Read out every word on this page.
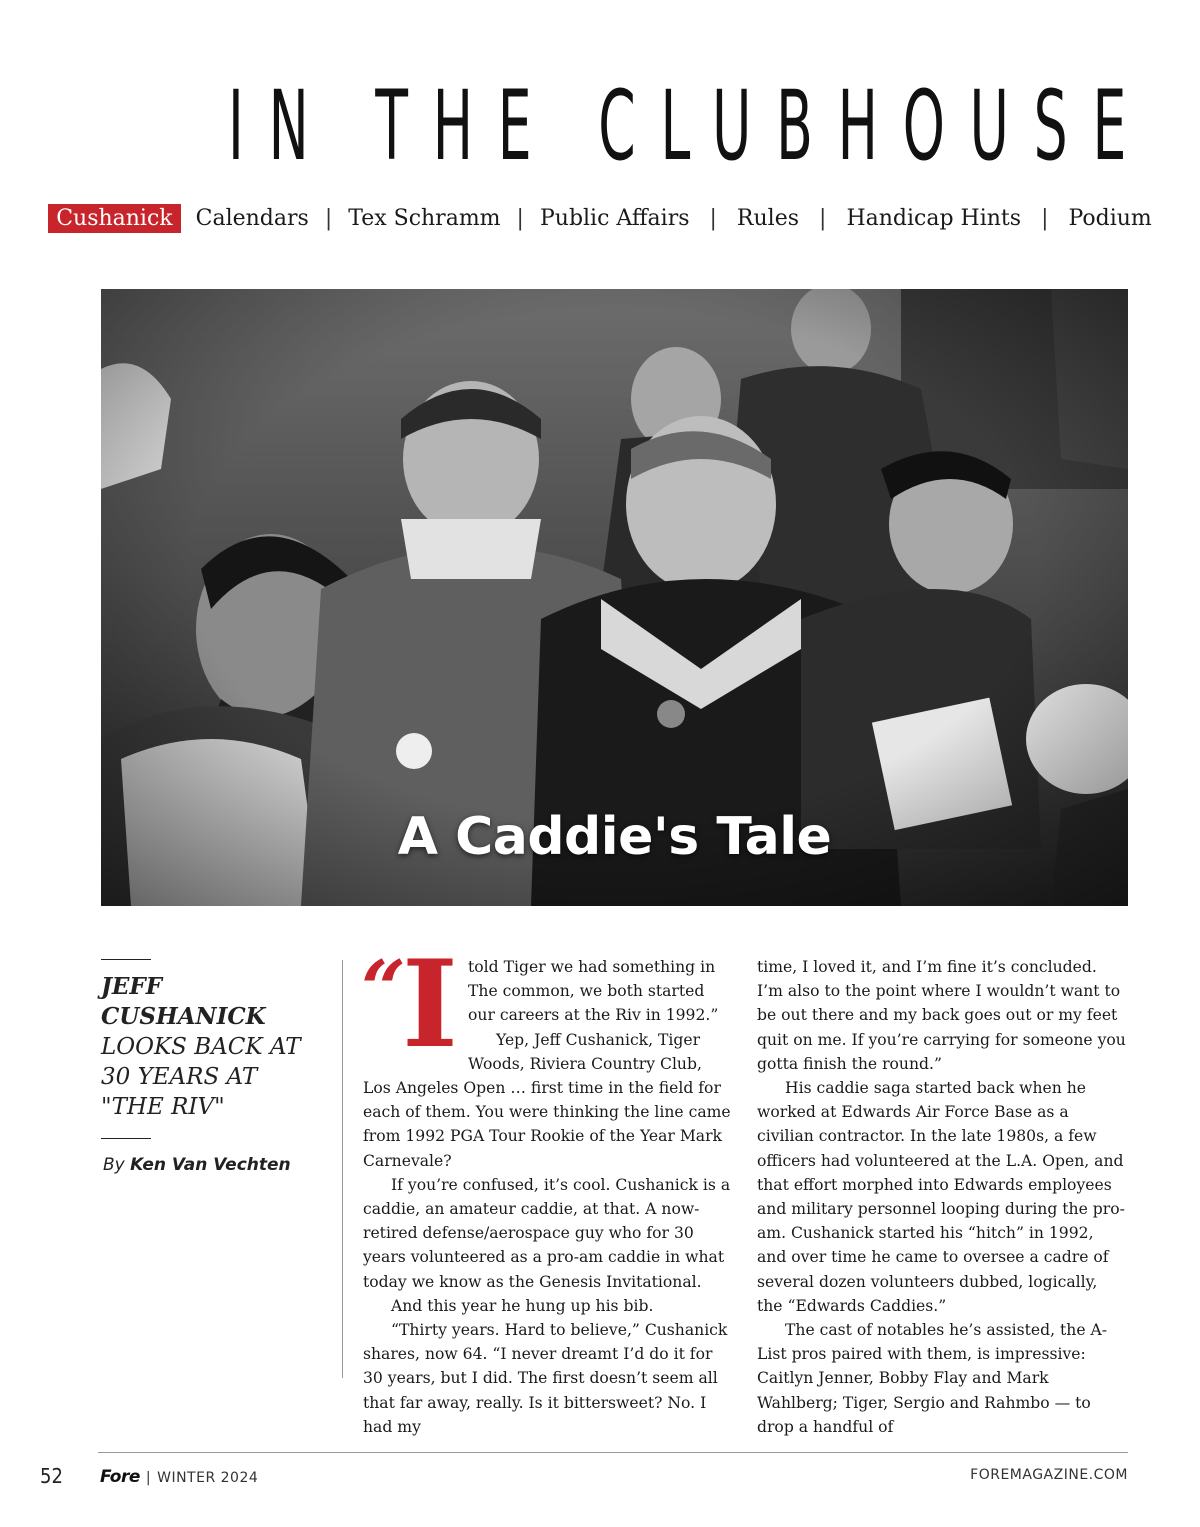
IN THE CLUBHOUSE
Cushanick Calendars | Tex Schramm | Public Affairs | Rules | Handicap Hints | Podium
A Caddie's Tale
JEFF CUSHANICK
LOOKS BACK AT 30 YEARS AT "THE RIV"
By Ken Van Vechten

“ I told Tiger we had something in The common, we both started our careers at the Riv in 1992.”

Yep, Jeff Cushanick, Tiger Woods, Riviera Country Club, Los Angeles Open … first time in the field for each of them. You were thinking the line came from 1992 PGA Tour Rookie of the Year Mark Carnevale?

If you’re confused, it’s cool. Cushanick is a caddie, an amateur caddie, at that. A now-retired defense/aerospace guy who for 30 years volunteered as a pro-am caddie in what today we know as the Genesis Invitational.

And this year he hung up his bib.

“Thirty years. Hard to believe,” Cushanick shares, now 64. “I never dreamt I’d do it for 30 years, but I did. The first doesn’t seem all that far away, really. Is it bittersweet? No. I had my

time, I loved it, and I’m fine it’s concluded. I’m also to the point where I wouldn’t want to be out there and my back goes out or my feet quit on me. If you’re carrying for someone you gotta finish the round.”

His caddie saga started back when he worked at Edwards Air Force Base as a civilian contractor. In the late 1980s, a few officers had volunteered at the L.A. Open, and that effort morphed into Edwards employees and military personnel looping during the pro-am. Cushanick started his “hitch” in 1992, and over time he came to oversee a cadre of several dozen volunteers dubbed, logically, the “Edwards Caddies.”

The cast of notables he’s assisted, the A-List pros paired with them, is impressive: Caitlyn Jenner, Bobby Flay and Mark Wahlberg; Tiger, Sergio and Rahmbo — to drop a handful of

52 Fore | WINTER 2024	FOREMAGAZINE.COM
